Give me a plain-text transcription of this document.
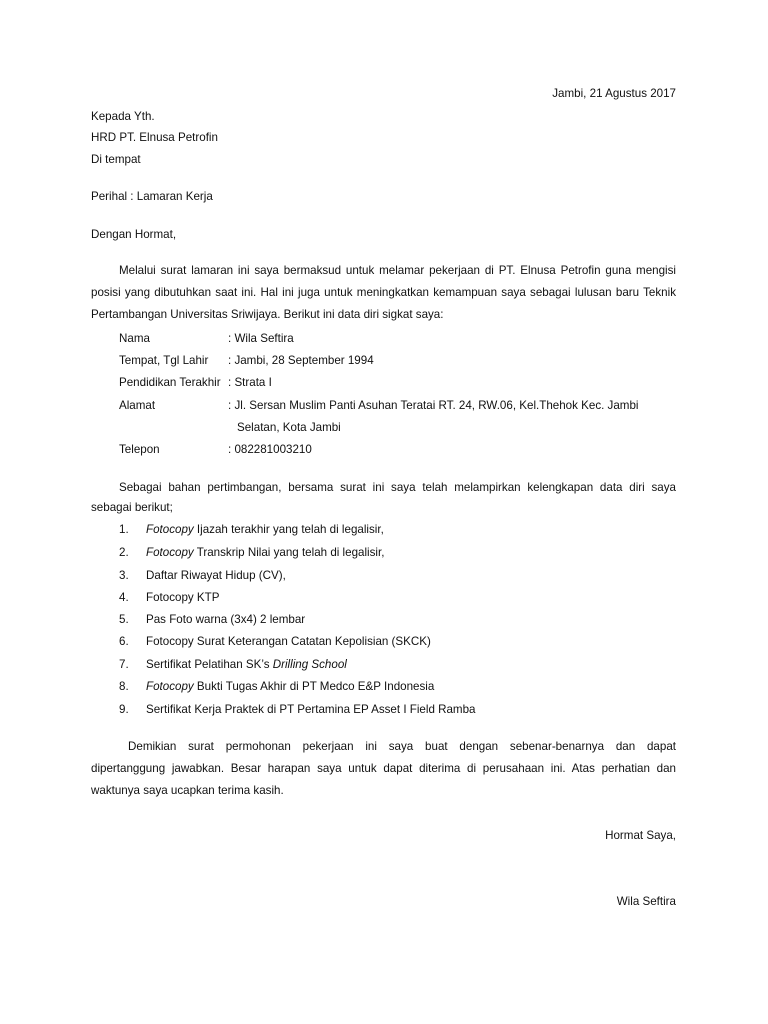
Jambi, 21 Agustus 2017
Kepada Yth.
HRD PT. Elnusa Petrofin
Di tempat
Perihal : Lamaran Kerja
Dengan Hormat,
Melalui surat lamaran ini saya bermaksud untuk melamar pekerjaan di PT. Elnusa Petrofin guna mengisi
posisi yang dibutuhkan saat ini. Hal ini juga untuk meningkatkan kemampuan saya sebagai lulusan baru Teknik
Pertambangan Universitas Sriwijaya. Berikut ini data diri sigkat saya:
Nama	: Wila Seftira
Tempat, Tgl Lahir : Jambi, 28 September 1994
Pendidikan Terakhir : Strata I
Alamat	: Jl. Sersan Muslim Panti Asuhan Teratai RT. 24, RW.06, Kel.Thehok Kec. Jambi
Selatan, Kota Jambi
Telepon	: 082281003210
Sebagai bahan pertimbangan, bersama surat ini saya telah melampirkan kelengkapan data diri saya
sebagai berikut;
1.	Fotocopy Ijazah terakhir yang telah di legalisir,
2.	Fotocopy Transkrip Nilai yang telah di legalisir,
3.	Daftar Riwayat Hidup (CV),
4.	Fotocopy KTP
5.	Pas Foto warna (3x4) 2 lembar
6.	Fotocopy Surat Keterangan Catatan Kepolisian (SKCK)
7.	Sertifikat Pelatihan SK’s Drilling School
8.	Fotocopy Bukti Tugas Akhir di PT Medco E&P Indonesia
9.	Sertifikat Kerja Praktek di PT Pertamina EP Asset I Field Ramba
Demikian surat permohonan pekerjaan ini saya buat dengan sebenar-benarnya dan dapat
dipertanggung jawabkan. Besar harapan saya untuk dapat diterima di perusahaan ini. Atas perhatian dan
waktunya saya ucapkan terima kasih.
Hormat Saya,
Wila Seftira
